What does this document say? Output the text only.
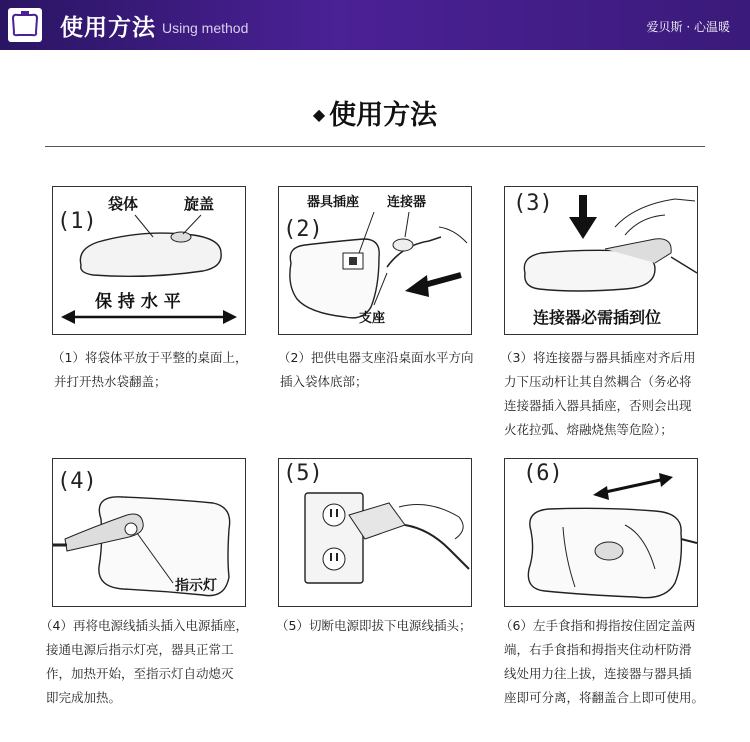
使用方法 Using method	爱贝斯 · 心温暖
◆ 使用方法
(1)
袋体	旋盖
保 持 水 平
(2)
器具插座 连接器
支座
(3)
连接器必需插到位
(4)
指示灯
(5)	(6)
（1）将袋体平放于平整的桌面上，
并打开热水袋翻盖；
（2）把供电器支座沿桌面水平方向
插入袋体底部；
（3）将连接器与器具插座对齐后用
力下压动杆让其自然耦合（务必将
连接器插入器具插座，否则会出现
火花拉弧、熔融烧焦等危险）；
（4）再将电源线插头插入电源插座，
接通电源后指示灯亮，器具正常工
作，加热开始，至指示灯自动熄灭
即完成加热。
（5）切断电源即拔下电源线插头；	（6）左手食指和拇指按住固定盖两
端，右手食指和拇指夹住动杆防滑
线处用力往上拔，连接器与器具插
座即可分离，将翻盖合上即可使用。
